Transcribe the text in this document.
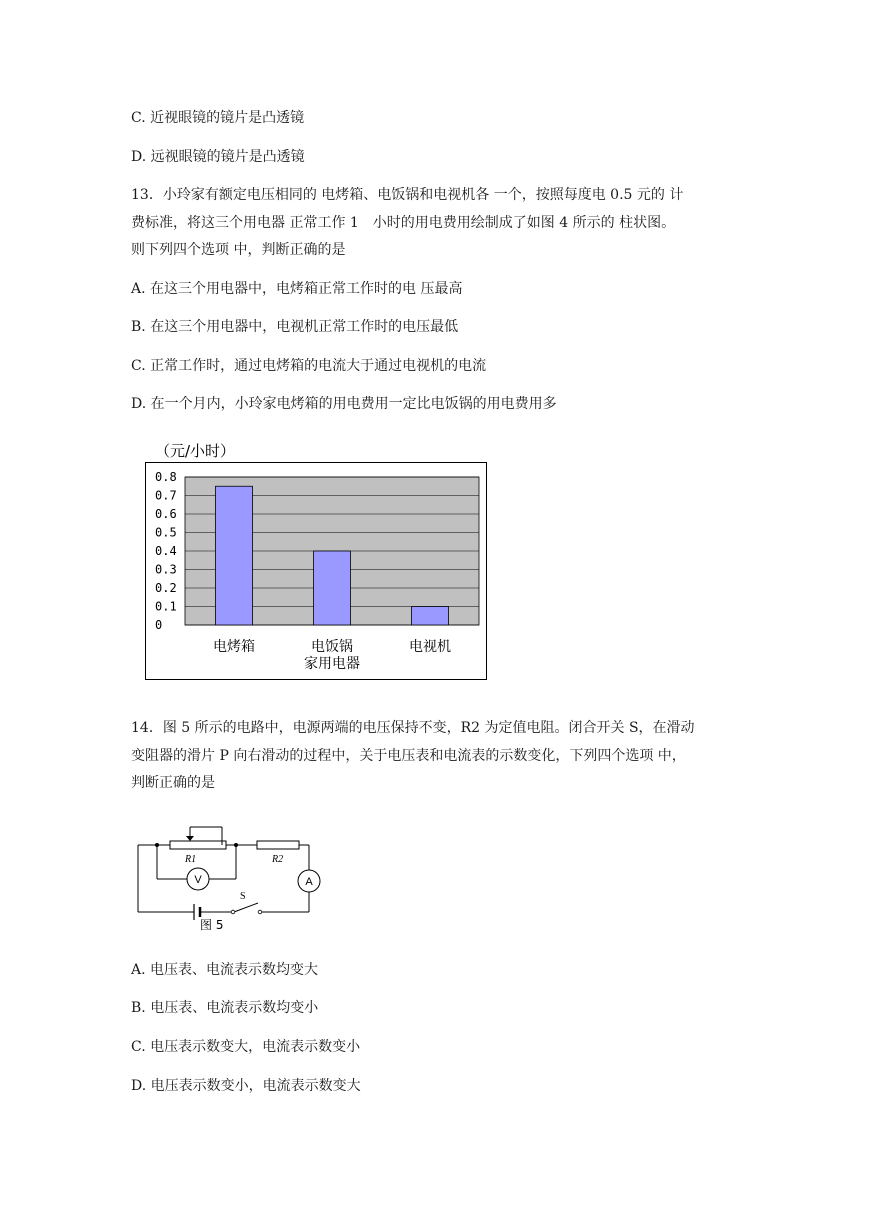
C. 近视眼镜的镜片是凸透镜
D. 远视眼镜的镜片是凸透镜
13．小玲家有额定电压相同的 电烤箱、电饭锅和电视机各 一个，按照每度电 0.5 元的 计
费标准，将这三个用电器 正常工作 1　小时的用电费用绘制成了如图 4 所示的 柱状图。
则下列四个选项 中，判断正确的是
A. 在这三个用电器中，电烤箱正常工作时的电 压最高
B. 在这三个用电器中，电视机正常工作时的电压最低
C. 正常工作时，通过电烤箱的电流大于通过电视机的电流
D. 在一个月内，小玲家电烤箱的用电费用一定比电饭锅的用电费用多
0
0.1
0.2
0.3
0.4
0.5
0.6
0.7
0.8
电烤箱	电饭锅	电视机
（元/小时）
家用电器
14．图 5 所示的电路中，电源两端的电压保持不变，R2 为定值电阻。闭合开关 S，在滑动
变阻器的滑片 P 向右滑动的过程中，关于电压表和电流表的示数变化，下列四个选项 中，
判断正确的是
R1	R2
V	A
S
图 5
A. 电压表、电流表示数均变大
B. 电压表、电流表示数均变小
C. 电压表示数变大，电流表示数变小
D. 电压表示数变小，电流表示数变大
